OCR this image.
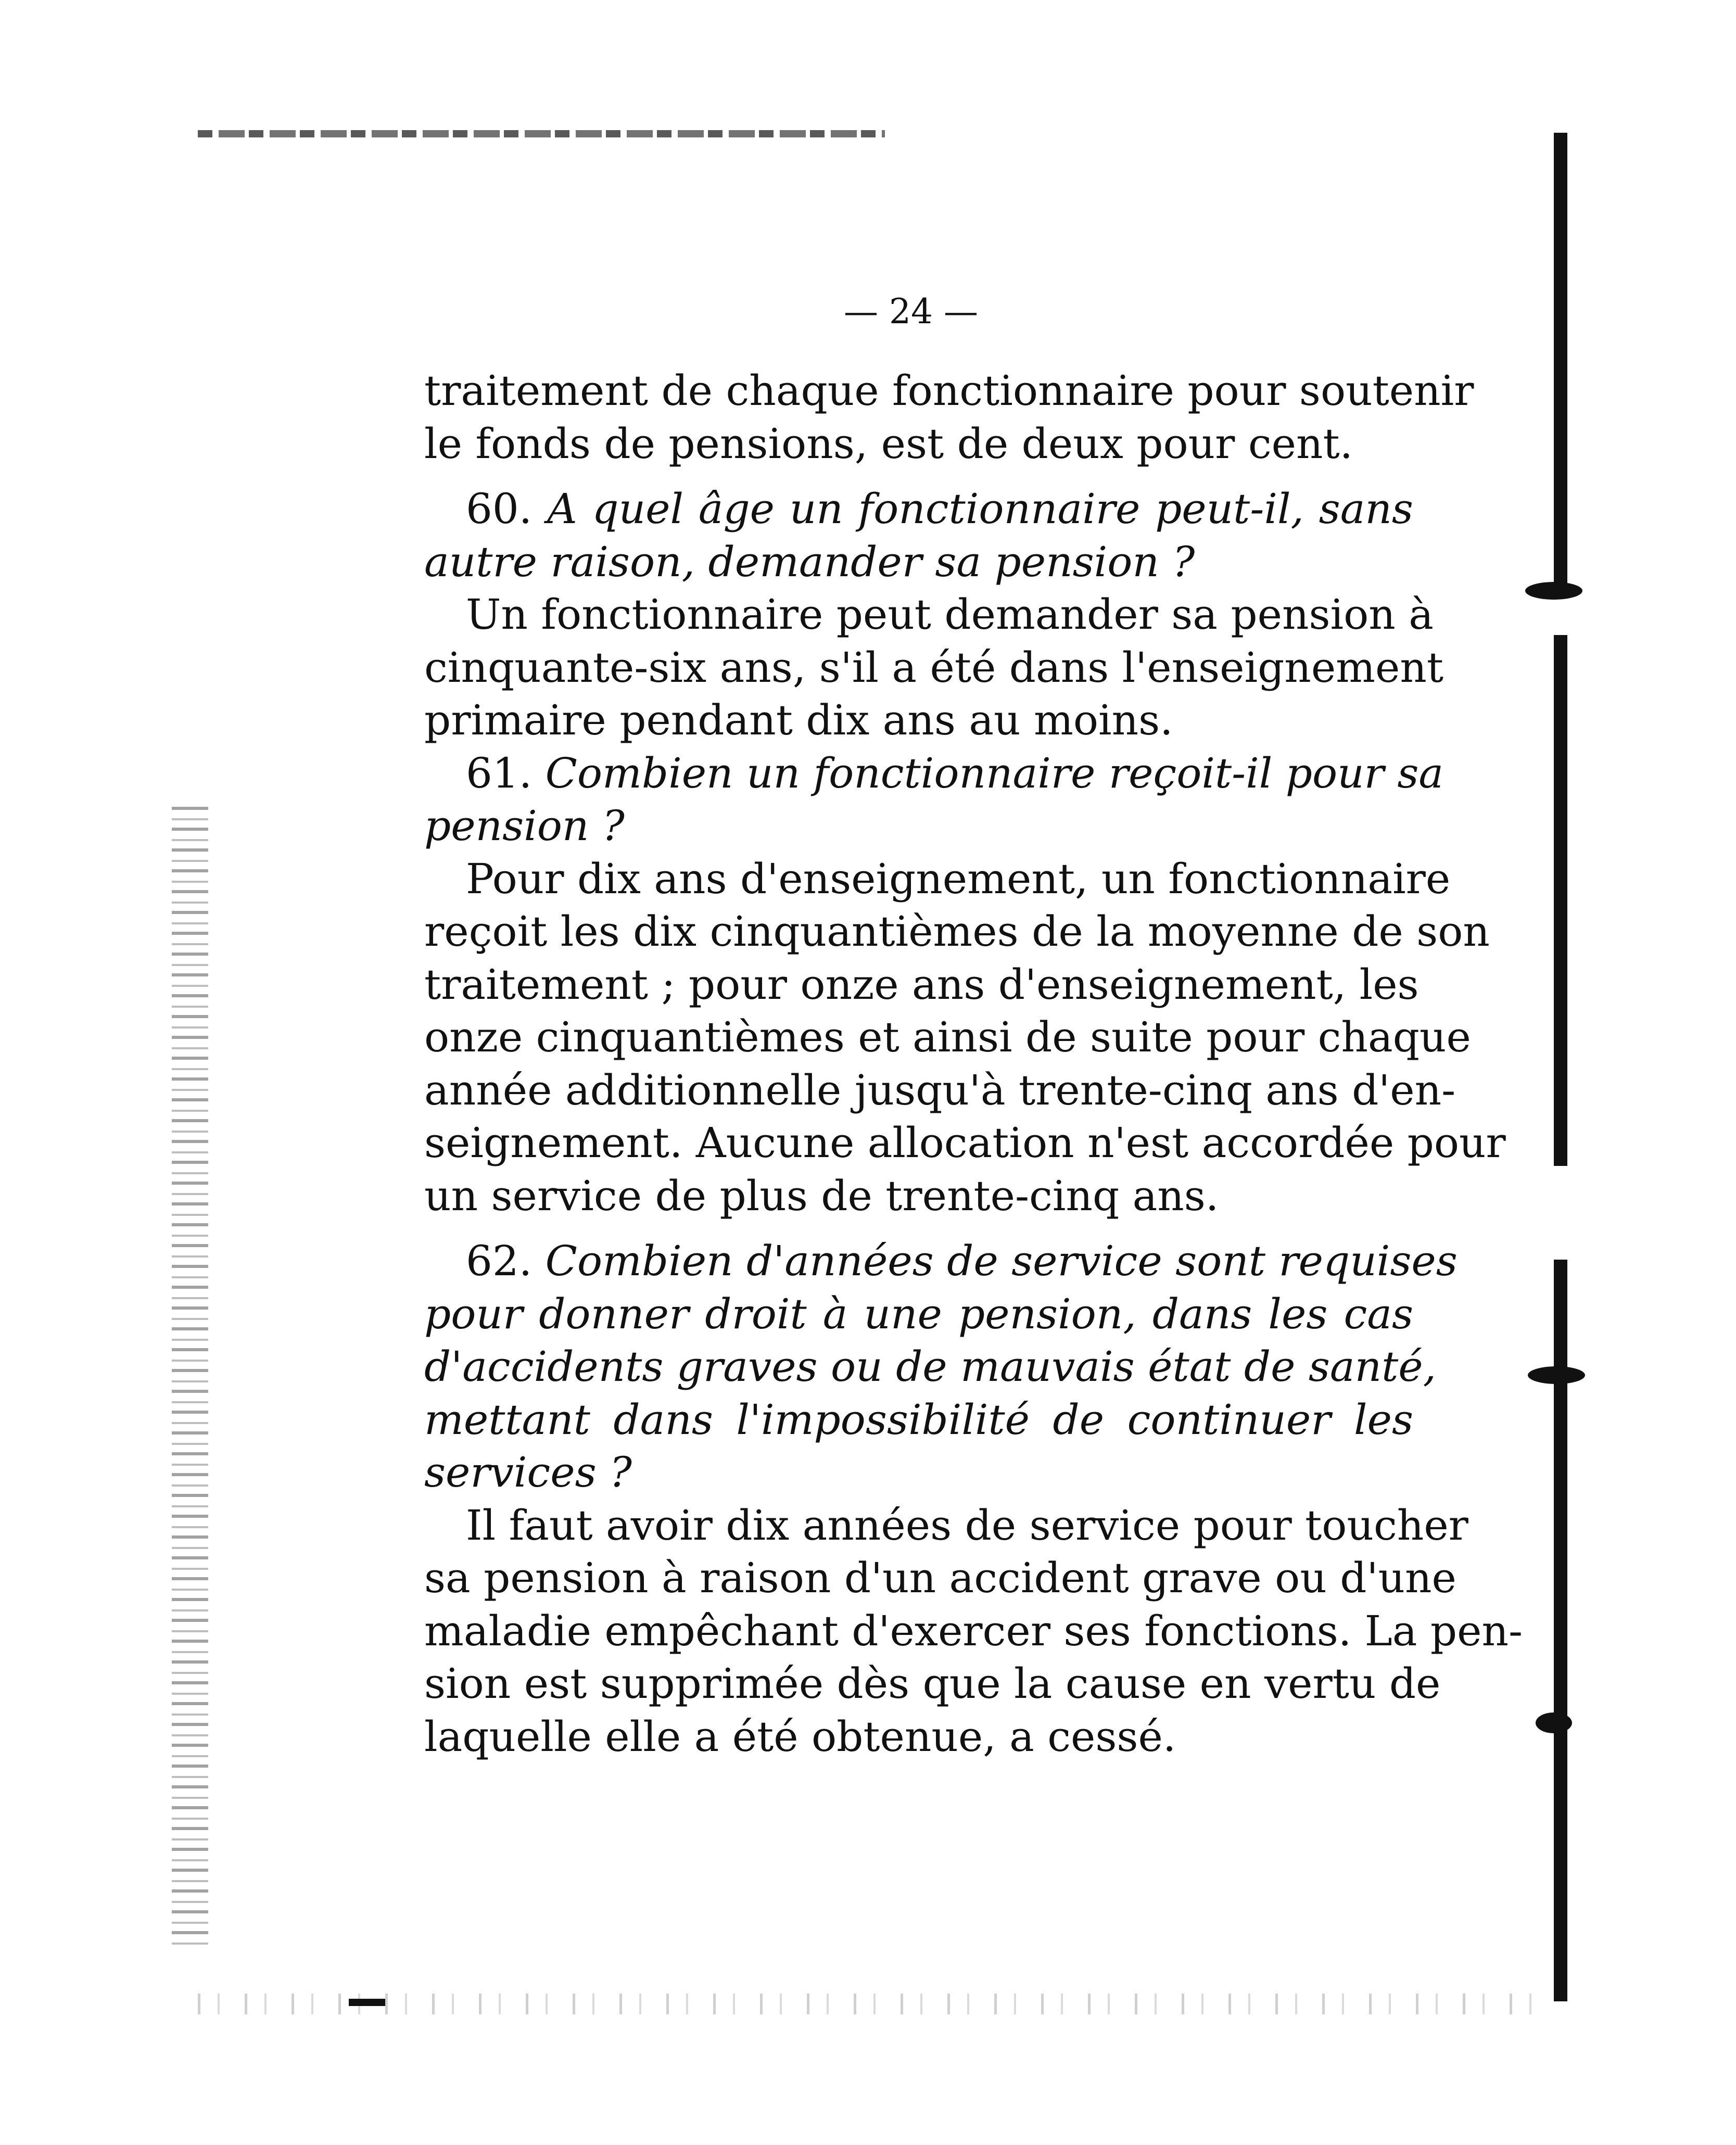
— 24 —

traitement de chaque fonctionnaire pour soutenir
le fonds de pensions, est de deux pour cent.

60. A quel âge un fonctionnaire peut-il, sans
autre raison, demander sa pension ?

Un fonctionnaire peut demander sa pension à
cinquante-six ans, s'il a été dans l'enseignement
primaire pendant dix ans au moins.

61. Combien un fonctionnaire reçoit-il pour sa
pension ?

Pour dix ans d'enseignement, un fonctionnaire
reçoit les dix cinquantièmes de la moyenne de son
traitement ; pour onze ans d'enseignement, les
onze cinquantièmes et ainsi de suite pour chaque
année additionnelle jusqu'à trente-cinq ans d'en-
seignement. Aucune allocation n'est accordée pour
un service de plus de trente-cinq ans.

62. Combien d'années de service sont requises
pour donner droit à une pension, dans les cas
d'accidents graves ou de mauvais état de santé,
mettant dans l'impossibilité de continuer les
services ?

Il faut avoir dix années de service pour toucher
sa pension à raison d'un accident grave ou d'une
maladie empêchant d'exercer ses fonctions. La pen-
sion est supprimée dès que la cause en vertu de
laquelle elle a été obtenue, a cessé.
